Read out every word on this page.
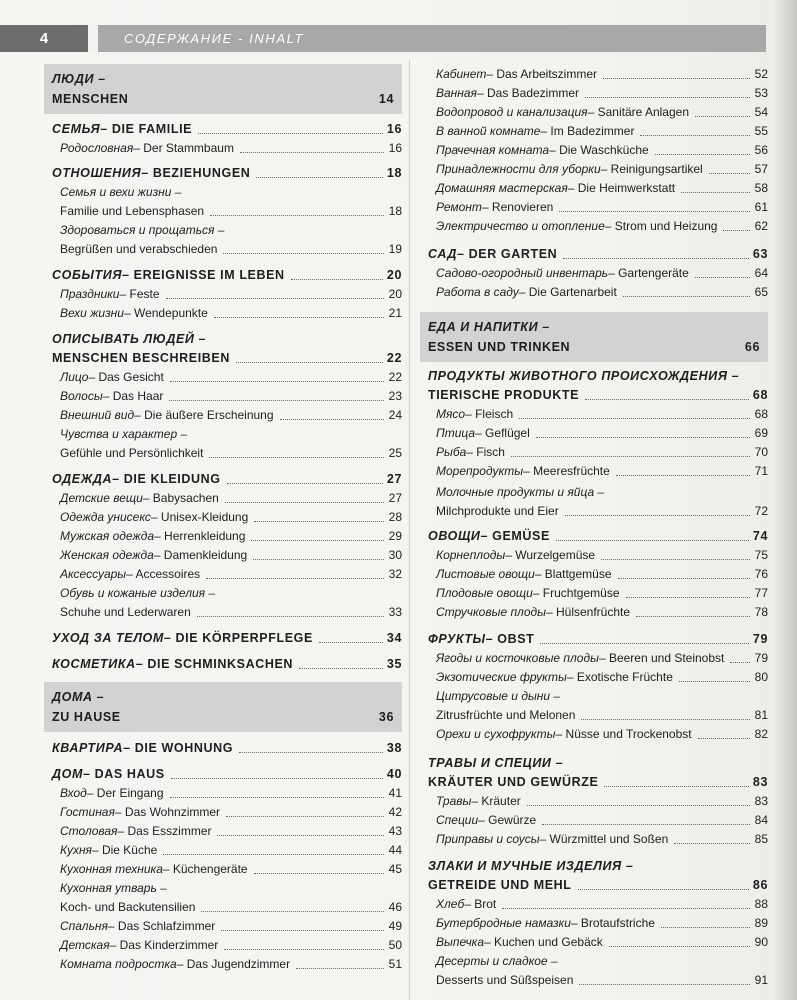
4	СОДЕРЖАНИЕ - INHALT
ЛЮДИ –
MENSCHEN	14
СЕМЬЯ – DIE FAMILIE	16
Родословная – Der Stammbaum	16
ОТНОШЕНИЯ – BEZIEHUNGEN	18
Семья и вехи жизни –
Familie und Lebensphasen	18
Здороваться и прощаться –
Begrüßen und verabschieden	19
СОБЫТИЯ – EREIGNISSE IM LEBEN	20
Праздники – Feste	20
Вехи жизни – Wendepunkte	21
ОПИСЫВАТЬ ЛЮДЕЙ –
MENSCHEN BESCHREIBEN	22
Лицо – Das Gesicht	22
Волосы – Das Haar	23
Внешний вид – Die äußere Erscheinung	24
Чувства и характер –
Gefühle und Persönlichkeit	25
ОДЕЖДА – DIE KLEIDUNG	27
Детские вещи – Babysachen	27
Одежда унисекс – Unisex-Kleidung	28
Мужская одежда – Herrenkleidung	29
Женская одежда – Damenkleidung	30
Аксессуары – Accessoires	32
Обувь и кожаные изделия –
Schuhe und Lederwaren	33
УХОД ЗА ТЕЛОМ – DIE KÖRPERPFLEGE	34
КОСМЕТИКА – DIE SCHMINKSACHEN	35
ДОМА –
ZU HAUSE	36
КВАРТИРА – DIE WOHNUNG	38
ДОМ – DAS HAUS	40
Вход – Der Eingang	41
Гостиная – Das Wohnzimmer	42
Столовая – Das Esszimmer	43
Кухня – Die Küche	44
Кухонная техника – Küchengeräte	45
Кухонная утварь –
Koch- und Backutensilien	46
Спальня – Das Schlafzimmer	49
Детская – Das Kinderzimmer	50
Комната подростка – Das Jugendzimmer	51
Кабинет – Das Arbeitszimmer	52
Ванная – Das Badezimmer	53
Водопровод и канализация – Sanitäre Anlagen	54
В ванной комнате – Im Badezimmer	55
Прачечная комната – Die Waschküche	56
Принадлежности для уборки – Reinigungsartikel	57
Домашняя мастерская – Die Heimwerkstatt	58
Ремонт – Renovieren	61
Электричество и отопление – Strom und Heizung	62
САД – DER GARTEN	63
Садово-огородный инвентарь – Gartengeräte	64
Работа в саду – Die Gartenarbeit	65
ЕДА И НАПИТКИ –
ESSEN UND TRINKEN	66
ПРОДУКТЫ ЖИВОТНОГО ПРОИСХОЖДЕНИЯ –
TIERISCHE PRODUKTE	68
Мясо – Fleisch	68
Птица – Geflügel	69
Рыба – Fisch	70
Морепродукты – Meeresfrüchte	71
Молочные продукты и яйца –
Milchprodukte und Eier	72
ОВОЩИ – GEMÜSE	74
Корнеплоды – Wurzelgemüse	75
Листовые овощи – Blattgemüse	76
Плодовые овощи – Fruchtgemüse	77
Стручковые плоды – Hülsenfrüchte	78
ФРУКТЫ – OBST	79
Ягоды и косточковые плоды – Beeren und Steinobst	79
Экзотические фрукты – Exotische Früchte	80
Цитрусовые и дыни –
Zitrusfrüchte und Melonen	81
Орехи и сухофрукты – Nüsse und Trockenobst	82
ТРАВЫ И СПЕЦИИ –
KRÄUTER UND GEWÜRZE	83
Травы – Kräuter	83
Специи – Gewürze	84
Приправы и соусы – Würzmittel und Soßen	85
ЗЛАКИ И МУЧНЫЕ ИЗДЕЛИЯ –
GETREIDE UND MEHL	86
Хлеб – Brot	88
Бутербродные намазки – Brotaufstriche	89
Выпечка – Kuchen und Gebäck	90
Десерты и сладкое –
Desserts und Süßspeisen	91
